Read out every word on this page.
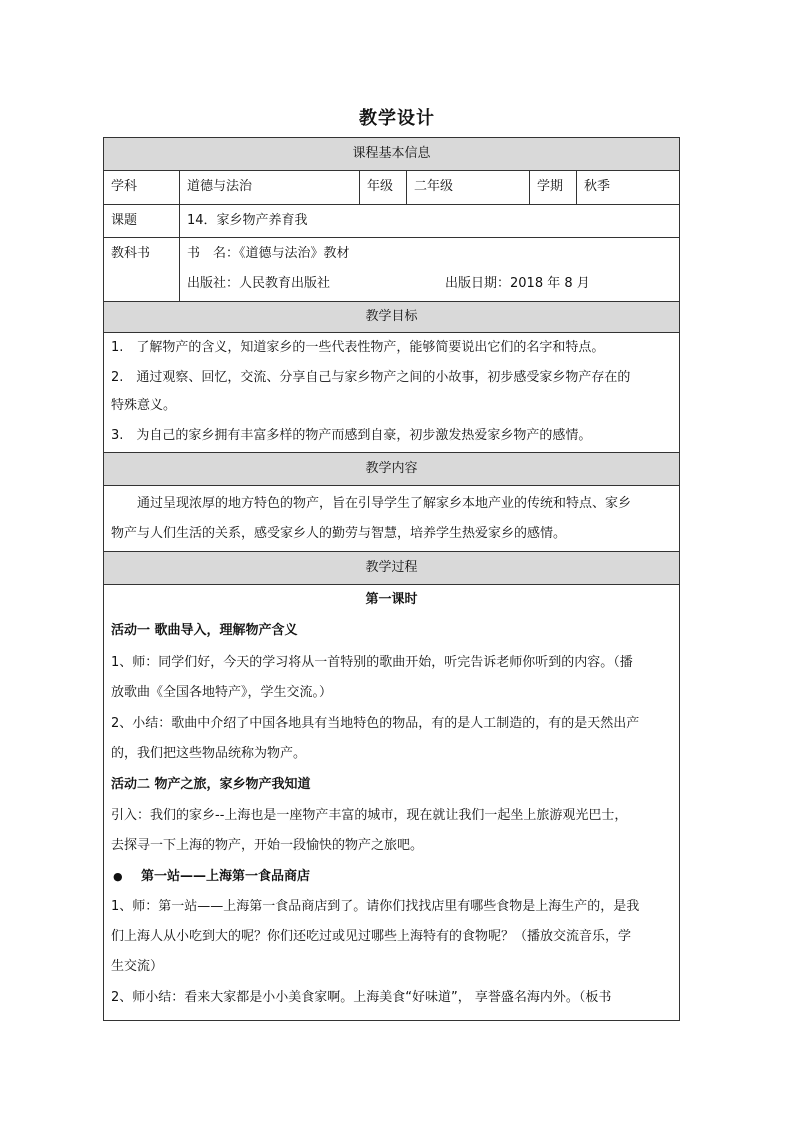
教学设计
课程基本信息
学科	道德与法治	年级	二年级	学期	秋季
课题	14．家乡物产养育我
教科书	书　名：《道德与法治》教材
出版社：人民教育出版社	出版日期：2018 年 8 月
教学目标
1.　了解物产的含义，知道家乡的一些代表性物产，能够简要说出它们的名字和特点。
2.　通过观察、回忆，交流、分享自己与家乡物产之间的小故事，初步感受家乡物产存在的
特殊意义。
3.　为自己的家乡拥有丰富多样的物产而感到自豪，初步激发热爱家乡物产的感情。
教学内容
　　通过呈现浓厚的地方特色的物产，旨在引导学生了解家乡本地产业的传统和特点、家乡
物产与人们生活的关系，感受家乡人的勤劳与智慧，培养学生热爱家乡的感情。
教学过程
第一课时
活动一 歌曲导入，理解物产含义
1、师：同学们好，今天的学习将从一首特别的歌曲开始，听完告诉老师你听到的内容。（播
放歌曲《全国各地特产》，学生交流。）
2、小结：歌曲中介绍了中国各地具有当地特色的物品，有的是人工制造的，有的是天然出产
的，我们把这些物品统称为物产。
活动二 物产之旅，家乡物产我知道
引入：我们的家乡--上海也是一座物产丰富的城市，现在就让我们一起坐上旅游观光巴士，
去探寻一下上海的物产，开始一段愉快的物产之旅吧。
● 第一站——上海第一食品商店
1、师：第一站——上海第一食品商店到了。请你们找找店里有哪些食物是上海生产的，是我
们上海人从小吃到大的呢？你们还吃过或见过哪些上海特有的食物呢？（播放交流音乐，学
生交流）
2、师小结：看来大家都是小小美食家啊。上海美食“好味道”， 享誉盛名海内外。（板书
